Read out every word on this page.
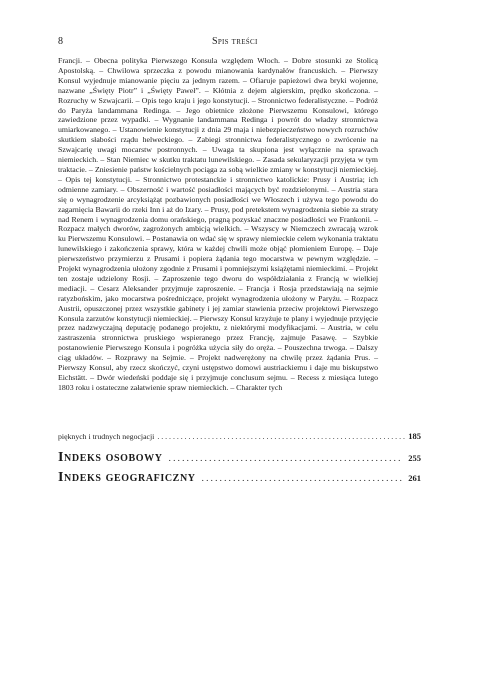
8	Spis treści
Francji. – Obecna polityka Pierwszego Konsula względem Włoch. – Dobre stosunki ze Stolicą Apostolską. – Chwilowa sprzeczka z powodu mianowania kardynałów francuskich. – Pierwszy Konsul wyjednuje mianowanie pięciu za jednym razem. – Ofiaruje papieżowi dwa bryki wojenne, nazwane „Święty Piotr” i „Święty Paweł”. – Kłótnia z dejem algierskim, prędko skończona. – Rozruchy w Szwajcarii. – Opis tego kraju i jego konstytucji. – Stronnictwo federalistyczne. – Podróż do Paryża landammana Redinga. – Jego obietnice złożone Pierwszemu Konsulowi, którego zawiedzione przez wypadki. – Wygnanie landammana Redinga i powrót do władzy stronnictwa umiarkowanego. – Ustanowienie konstytucji z dnia 29 maja i niebezpieczeństwo nowych rozruchów skutkiem słabości rządu helweckiego. – Zabiegi stronnictwa federalistycznego o zwrócenie na Szwajcarię uwagi mocarstw postronnych. – Uwaga ta skupiona jest wyłącznie na sprawach niemieckich. – Stan Niemiec w skutku traktatu lunewilskiego. – Zasada sekularyzacji przyjęta w tym traktacie. – Zniesienie państw kościelnych pociąga za sobą wielkie zmiany w konstytucji niemieckiej. – Opis tej konstytucji. – Stronnictwo protestanckie i stronnictwo katolickie: Prusy i Austria; ich odmienne zamiary. – Obszerność i wartość posiadłości mających być rozdzielonymi. – Austria stara się o wynagrodzenie arcyksiążąt pozbawionych posiadłości we Włoszech i używa tego powodu do zagarnięcia Bawarii do rzeki Inn i aż do Izary. – Prusy, pod pretekstem wynagrodzenia siebie za straty nad Renem i wynagrodzenia domu orańskiego, pragną pozyskać znaczne posiadłości we Frankonii. – Rozpacz małych dworów, zagrożonych ambicją wielkich. – Wszyscy w Niemczech zwracają wzrok ku Pierwszemu Konsulowi. – Postanawia on wdać się w sprawy niemieckie celem wykonania traktatu lunewilskiego i zakończenia sprawy, która w każdej chwili może objąć płomieniem Europę. – Daje pierwszeństwo przymierzu z Prusami i popiera żądania tego mocarstwa w pewnym względzie. – Projekt wynagrodzenia ułożony zgodnie z Prusami i pomniejszymi książętami niemieckimi. – Projekt ten zostaje udzielony Rosji. – Zaproszenie tego dworu do współdziałania z Francją w wielkiej mediacji. – Cesarz Aleksander przyjmuje zaproszenie. – Francja i Rosja przedstawiają na sejmie ratyzbońskim, jako mocarstwa pośredniczące, projekt wynagrodzenia ułożony w Paryżu. – Rozpacz Austrii, opuszczonej przez wszystkie gabinety i jej zamiar stawienia przeciw projektowi Pierwszego Konsula zarzutów konstytucji niemieckiej. – Pierwszy Konsul krzyżuje te plany i wyjednuje przyjęcie przez nadzwyczajną deputację podanego projektu, z niektórymi modyfikacjami. – Austria, w celu zastraszenia stronnictwa pruskiego wspieranego przez Francję, zajmuje Pasawę. – Szybkie postanowienie Pierwszego Konsula i pogróżka użycia siły do oręża. – Pouszechna trwoga. – Dalszy ciąg układów. – Rozprawy na Sejmie. – Projekt nadwerężony na chwilę przez żądania Prus. – Pierwszy Konsul, aby rzecz skończyć, czyni ustępstwo domowi austriackiemu i daje mu biskupstwo Eichstätt. – Dwór wiedeński poddaje się i przyjmuje conclusum sejmu. – Recess z miesiąca lutego 1803 roku i ostateczne załatwienie spraw niemieckich. – Charakter tych
pięknych i trudnych negocjacji . . .	185
Indeks osobowy . . .	255
Indeks geograficzny . . .	261
